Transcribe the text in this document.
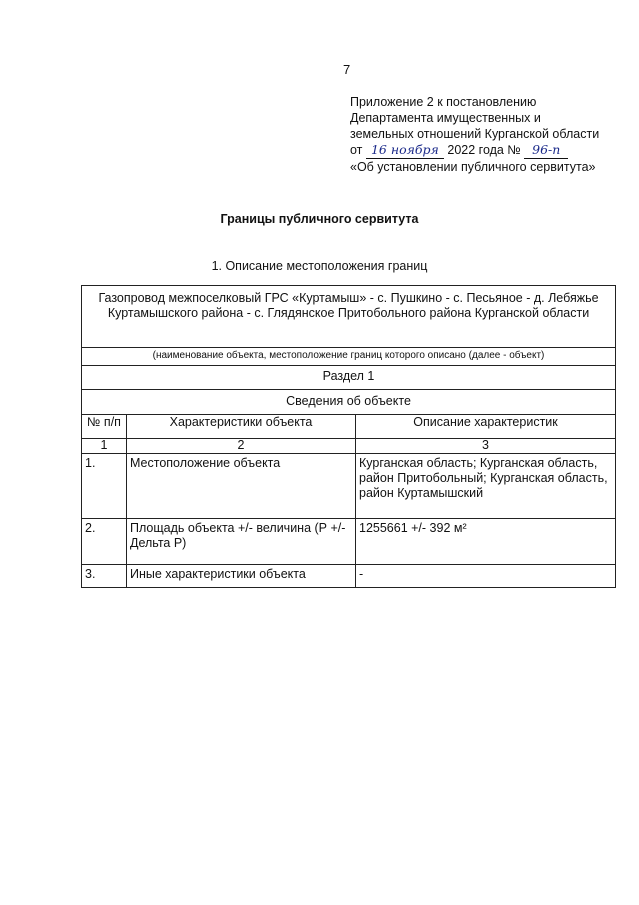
7
Приложение 2 к постановлению
Департамента имущественных и
земельных отношений Курганской области
от 16 ноября 2022 года № 96-п
«Об установлении публичного сервитута»
Границы публичного сервитута
1. Описание местоположения границ
Газопровод межпоселковый ГРС «Куртамыш» - с. Пушкино - с. Песьяное - д. Лебяжье Куртамышского района - с. Глядянское Притобольного района Курганской области		
(наименование объекта, местоположение границ которого описано (далее - объект)		
Раздел 1		
Сведения об объекте		
№ п/п	Характеристики объекта	Описание характеристик
1	2	3
1.	Местоположение объекта	Курганская область; Курганская область, район Притобольный; Курганская область, район Куртамышский
2.	Площадь объекта +/- величина (Р +/- Дельта Р)	1255661 +/- 392 м²
3.	Иные характеристики объекта	-
